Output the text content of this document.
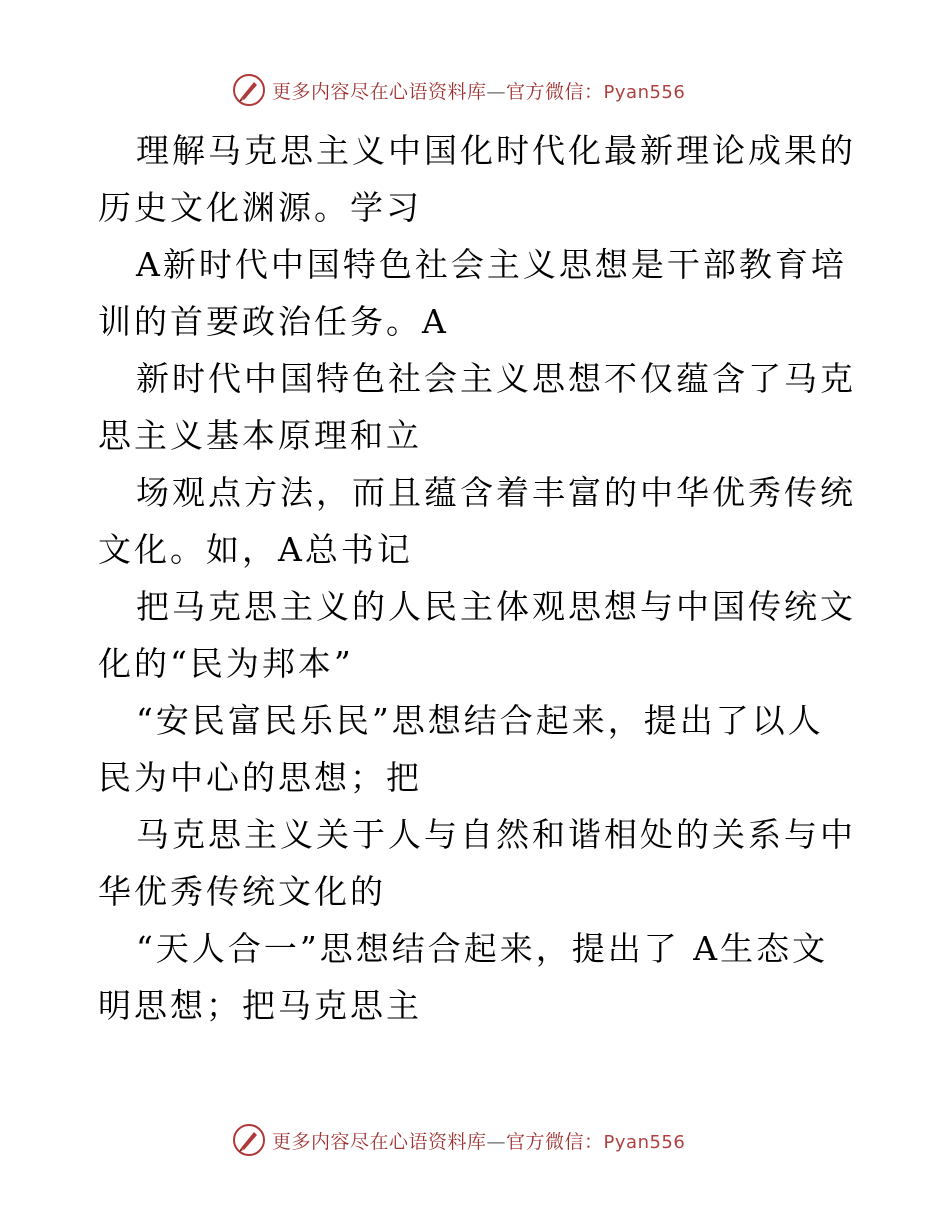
更多内容尽在心语资料库—官方微信：Pyan556

理解马克思主义中国化时代化最新理论成果的历史文化渊源。学习

A新时代中国特色社会主义思想是干部教育培训的首要政治任务。A

新时代中国特色社会主义思想不仅蕴含了马克思主义基本原理和立

场观点方法，而且蕴含着丰富的中华优秀传统文化。如，A总书记

把马克思主义的人民主体观思想与中国传统文化的“民为邦本”

“安民富民乐民”思想结合起来，提出了以人民为中心的思想；把

马克思主义关于人与自然和谐相处的关系与中华优秀传统文化的

“天人合一”思想结合起来，提出了 A生态文明思想；把马克思主

更多内容尽在心语资料库—官方微信：Pyan556
